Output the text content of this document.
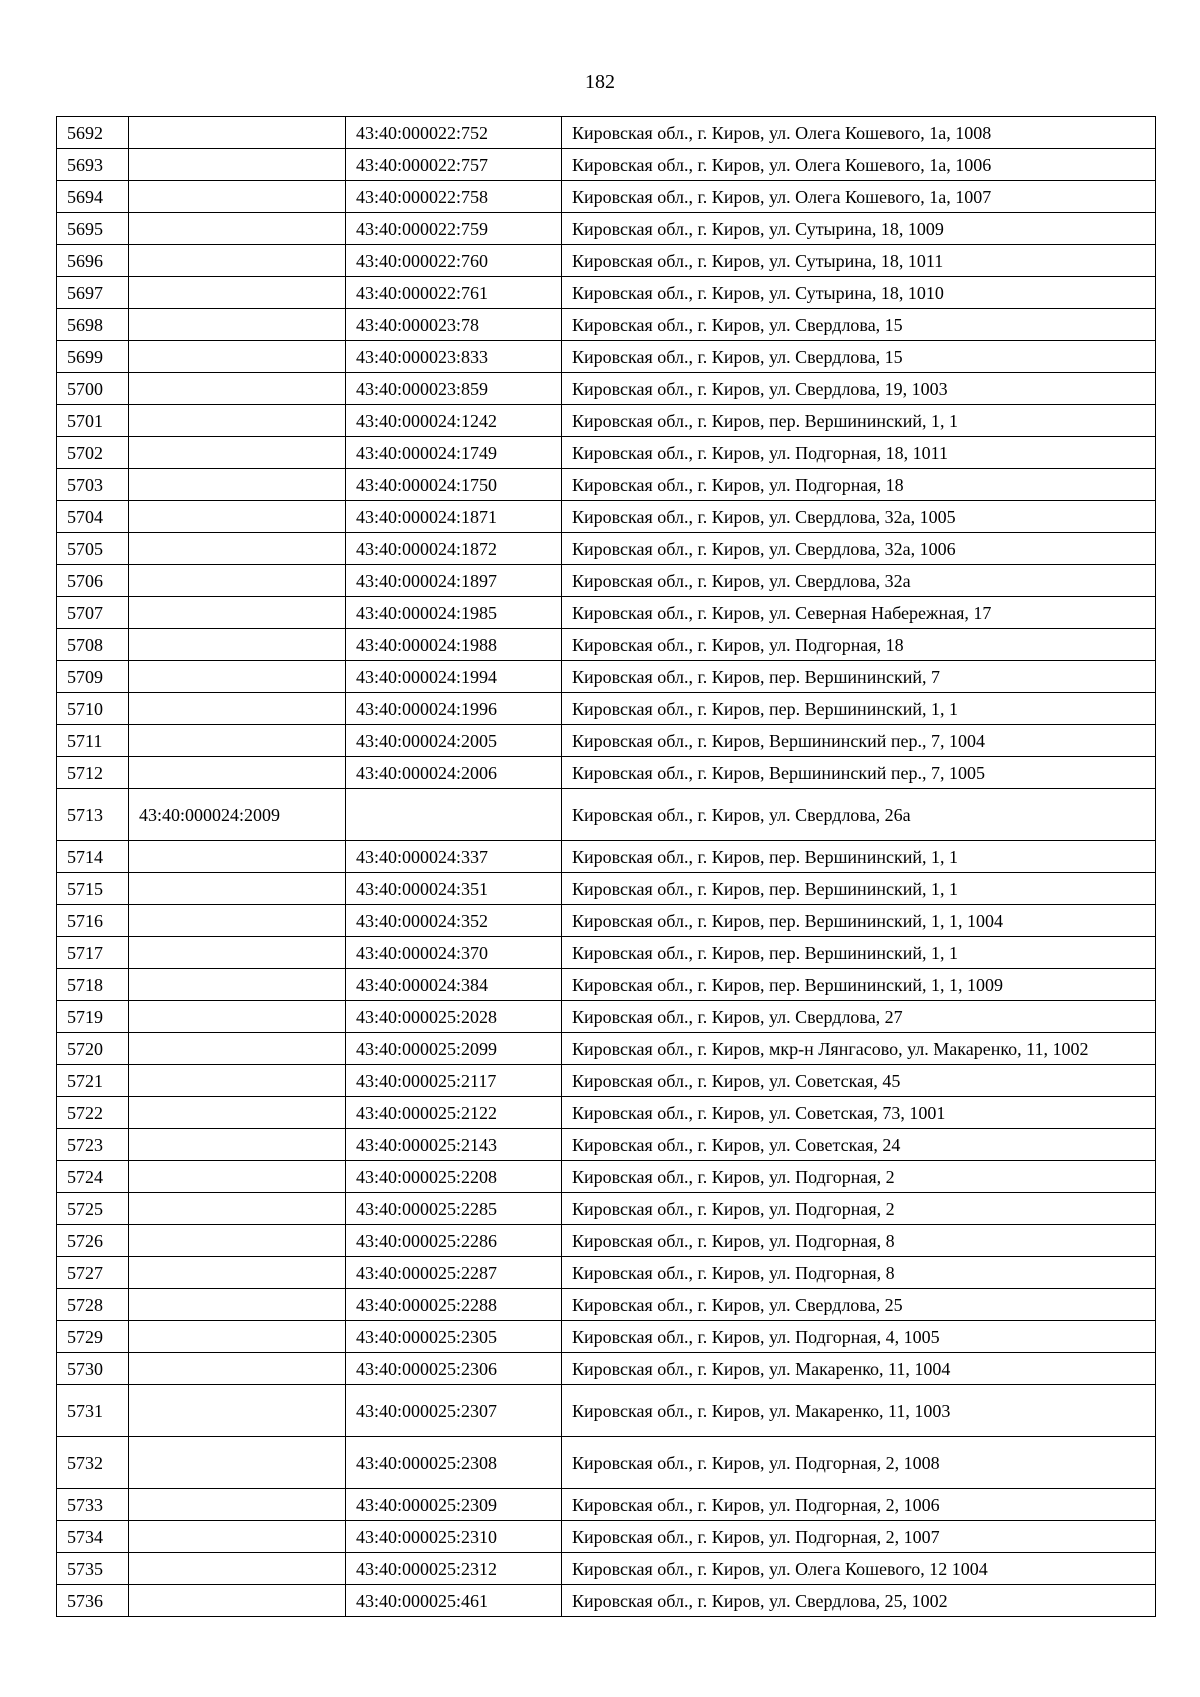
182
5692		43:40:000022:752	Кировская обл., г. Киров, ул. Олега Кошевого, 1а, 1008
5693		43:40:000022:757	Кировская обл., г. Киров, ул. Олега Кошевого, 1а, 1006
5694		43:40:000022:758	Кировская обл., г. Киров, ул. Олега Кошевого, 1а, 1007
5695		43:40:000022:759	Кировская обл., г. Киров, ул. Сутырина, 18, 1009
5696		43:40:000022:760	Кировская обл., г. Киров, ул. Сутырина, 18, 1011
5697		43:40:000022:761	Кировская обл., г. Киров, ул. Сутырина, 18, 1010
5698		43:40:000023:78	Кировская обл., г. Киров, ул. Свердлова, 15
5699		43:40:000023:833	Кировская обл., г. Киров, ул. Свердлова, 15
5700		43:40:000023:859	Кировская обл., г. Киров, ул. Свердлова, 19, 1003
5701		43:40:000024:1242	Кировская обл., г. Киров, пер. Вершининский, 1, 1
5702		43:40:000024:1749	Кировская обл., г. Киров, ул. Подгорная, 18, 1011
5703		43:40:000024:1750	Кировская обл., г. Киров, ул. Подгорная, 18
5704		43:40:000024:1871	Кировская обл., г. Киров, ул. Свердлова, 32а, 1005
5705		43:40:000024:1872	Кировская обл., г. Киров, ул. Свердлова, 32а, 1006
5706		43:40:000024:1897	Кировская обл., г. Киров, ул. Свердлова, 32а
5707		43:40:000024:1985	Кировская обл., г. Киров, ул. Северная Набережная, 17
5708		43:40:000024:1988	Кировская обл., г. Киров, ул. Подгорная, 18
5709		43:40:000024:1994	Кировская обл., г. Киров, пер. Вершининский, 7
5710		43:40:000024:1996	Кировская обл., г. Киров, пер. Вершининский, 1, 1
5711		43:40:000024:2005	Кировская обл., г. Киров, Вершининский пер., 7, 1004
5712		43:40:000024:2006	Кировская обл., г. Киров, Вершининский пер., 7, 1005
5713	43:40:000024:2009		Кировская обл., г. Киров, ул. Свердлова, 26а
5714		43:40:000024:337	Кировская обл., г. Киров, пер. Вершининский, 1, 1
5715		43:40:000024:351	Кировская обл., г. Киров, пер. Вершининский, 1, 1
5716		43:40:000024:352	Кировская обл., г. Киров, пер. Вершининский, 1, 1, 1004
5717		43:40:000024:370	Кировская обл., г. Киров, пер. Вершининский, 1, 1
5718		43:40:000024:384	Кировская обл., г. Киров, пер. Вершининский, 1, 1, 1009
5719		43:40:000025:2028	Кировская обл., г. Киров, ул. Свердлова, 27
5720		43:40:000025:2099	Кировская обл., г. Киров, мкр-н Лянгасово, ул. Макаренко, 11, 1002
5721		43:40:000025:2117	Кировская обл., г. Киров, ул. Советская, 45
5722		43:40:000025:2122	Кировская обл., г. Киров, ул. Советская, 73, 1001
5723		43:40:000025:2143	Кировская обл., г. Киров, ул. Советская, 24
5724		43:40:000025:2208	Кировская обл., г. Киров, ул. Подгорная, 2
5725		43:40:000025:2285	Кировская обл., г. Киров, ул. Подгорная, 2
5726		43:40:000025:2286	Кировская обл., г. Киров, ул. Подгорная, 8
5727		43:40:000025:2287	Кировская обл., г. Киров, ул. Подгорная, 8
5728		43:40:000025:2288	Кировская обл., г. Киров, ул. Свердлова, 25
5729		43:40:000025:2305	Кировская обл., г. Киров, ул. Подгорная, 4, 1005
5730		43:40:000025:2306	Кировская обл., г. Киров, ул. Макаренко, 11, 1004
5731		43:40:000025:2307	Кировская обл., г. Киров, ул. Макаренко, 11, 1003
5732		43:40:000025:2308	Кировская обл., г. Киров, ул. Подгорная, 2, 1008
5733		43:40:000025:2309	Кировская обл., г. Киров, ул. Подгорная, 2, 1006
5734		43:40:000025:2310	Кировская обл., г. Киров, ул. Подгорная, 2, 1007
5735		43:40:000025:2312	Кировская обл., г. Киров, ул. Олега Кошевого, 12 1004
5736		43:40:000025:461	Кировская обл., г. Киров, ул. Свердлова, 25, 1002
